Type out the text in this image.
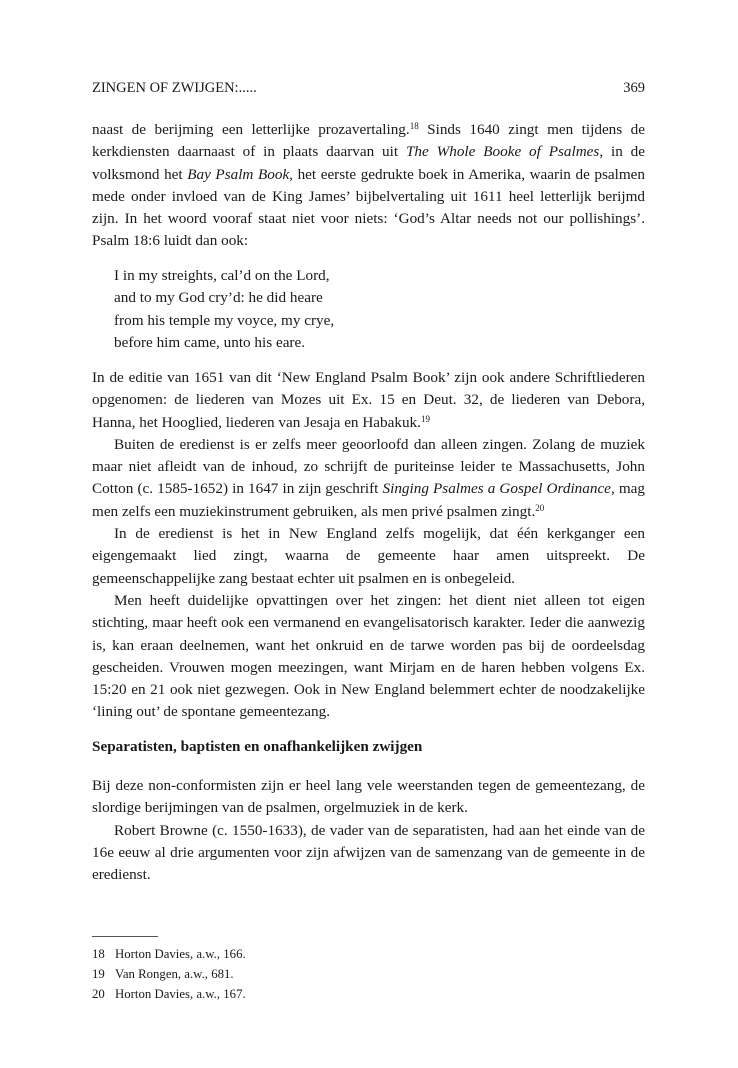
ZINGEN OF ZWIJGEN:.....	369

naast de berijming een letterlijke prozavertaling.$^{18}$ Sinds 1640 zingt men tijdens de kerkdiensten daarnaast of in plaats daarvan uit The Whole Booke of Psalmes, in de volksmond het Bay Psalm Book, het eerste gedrukte boek in Amerika, waarin de psalmen mede onder invloed van de King James’ bijbelvertaling uit 1611 heel letterlijk berijmd zijn. In het woord vooraf staat niet voor niets: ‘God’s Altar needs not our pollishings’. Psalm 18:6 luidt dan ook:

I in my streights, cal’d on the Lord,
and to my God cry’d: he did heare
from his temple my voyce, my crye,
before him came, unto his eare.

In de editie van 1651 van dit ‘New England Psalm Book’ zijn ook andere Schriftliederen opgenomen: de liederen van Mozes uit Ex. 15 en Deut. 32, de liederen van Debora, Hanna, het Hooglied, liederen van Jesaja en Habakuk.$^{19}$

Buiten de eredienst is er zelfs meer geoorloofd dan alleen zingen. Zolang de muziek maar niet afleidt van de inhoud, zo schrijft de puriteinse leider te Massachusetts, John Cotton (c. 1585-1652) in 1647 in zijn geschrift Singing Psalmes a Gospel Ordinance, mag men zelfs een muziekinstrument gebruiken, als men privé psalmen zingt.$^{20}$

In de eredienst is het in New England zelfs mogelijk, dat één kerkganger een eigengemaakt lied zingt, waarna de gemeente haar amen uitspreekt. De gemeenschappelijke zang bestaat echter uit psalmen en is onbegeleid.

Men heeft duidelijke opvattingen over het zingen: het dient niet alleen tot eigen stichting, maar heeft ook een vermanend en evangelisatorisch karakter. Ieder die aanwezig is, kan eraan deelnemen, want het onkruid en de tarwe worden pas bij de oordeelsdag gescheiden. Vrouwen mogen meezingen, want Mirjam en de haren hebben volgens Ex. 15:20 en 21 ook niet gezwegen. Ook in New England belemmert echter de noodzakelijke ‘lining out’ de spontane gemeentezang.

Separatisten, baptisten en onafhankelijken zwijgen

Bij deze non-conformisten zijn er heel lang vele weerstanden tegen de gemeentezang, de slordige berijmingen van de psalmen, orgelmuziek in de kerk.

Robert Browne (c. 1550-1633), de vader van de separatisten, had aan het einde van de 16e eeuw al drie argumenten voor zijn afwijzen van de samenzang van de gemeente in de eredienst.

18 Horton Davies, a.w., 166.
19 Van Rongen, a.w., 681.
20 Horton Davies, a.w., 167.
